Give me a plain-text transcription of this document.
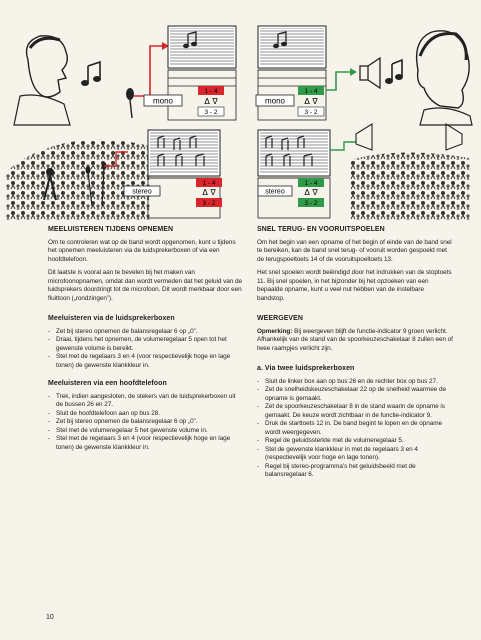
mono
1 - 4
Δ ∇
3 - 2
mono
1 - 4
Δ ∇
3 - 2
stereo
1 - 4
Δ ∇
3 - 2
stereo
1 - 4
Δ ∇
3 - 2
MEELUISTEREN TIJDENS OPNEMEN

Om te controleren wat op de band wordt opgenomen, kunt u tijdens het opnemen meeluisteren via de luidsprekerboxen of via een hoofdtelefoon.

Dit laatste is vooral aan te bevelen bij het maken van microfoonopnamen, omdat dan wordt vermeden dat het geluid van de luidsprekers doordringt tot de microfoon. Dit wordt merkbaar door een fluittoon („rondzingen”).

Meeluisteren via de luidsprekerboxen
- Zet bij stereo opnemen de balansregelaar 6 op „0”.
- Draai, tijdens het opnemen, de volumeregelaar 5 open tot het gewenste volume is bereikt.
- Stel met de regelaars 3 en 4 (voor respectievelijk hoge en lage tonen) de gewenste klankkleur in.
Meeluisteren via een hoofdtelefoon
- Trek, indien aangesloten, de stekers van de luidsprekerboxen uit de bussen 26 en 27.
- Sluit de hoofdtelefoon aan op bus 28.
- Zet bij stereo opnemen de balansregelaar 6 op „0”.
- Stel met de volumeregelaar 5 het gewenste volume in.
- Stel met de regelaars 3 en 4 (voor respectievelijk hoge en lage tonen) de gewenste klankkleur in.
SNEL TERUG- EN VOORUITSPOELEN

Om het begin van een opname of het begin of einde van de band snel te bereiken, kan de band snel terug- of vooruit worden gespoeld met de terugspoeltoets 14 of de vooruitspoeltoets 13.

Het snel spoelen wordt beëindigd door het indrukken van de stoptoets 11. Bij snel spoelen, in het bijzonder bij het opzoeken van een bepaalde opname, kunt u veel nut hebben van de instelbare bandstop.

WEERGEVEN

Opmerking: Bij weergeven blijft de functie-indicator 9 groen verlicht. Afhankelijk van de stand van de spoorkeuzeschakelaar 8 zullen een of twee raampjes verlicht zijn.

a. Via twee luidsprekerboxen
- Sluit de linker box aan op bus 26 en de rechter box op bus 27.
- Zet de snelheidskeuzeschakelaar 22 op de snelheid waarmee de opname is gemaakt.
- Zet de spoorkeuzeschakelaar 8 in de stand waarin de opname is gemaakt. De keuze wordt zichtbaar in de functie-indicator 9.
- Druk de starttoets 12 in. De band begint te lopen en de opname wordt weergegeven.
- Regel de geluidssterkte met de volumeregelaar 5.
- Stel de gewenste klankkleur in met de regelaars 3 en 4 (respectievelijk voor hoge en lage tonen).
- Regel bij stereo-programma's het geluidsbeeld met de balansregelaar 6.
10
